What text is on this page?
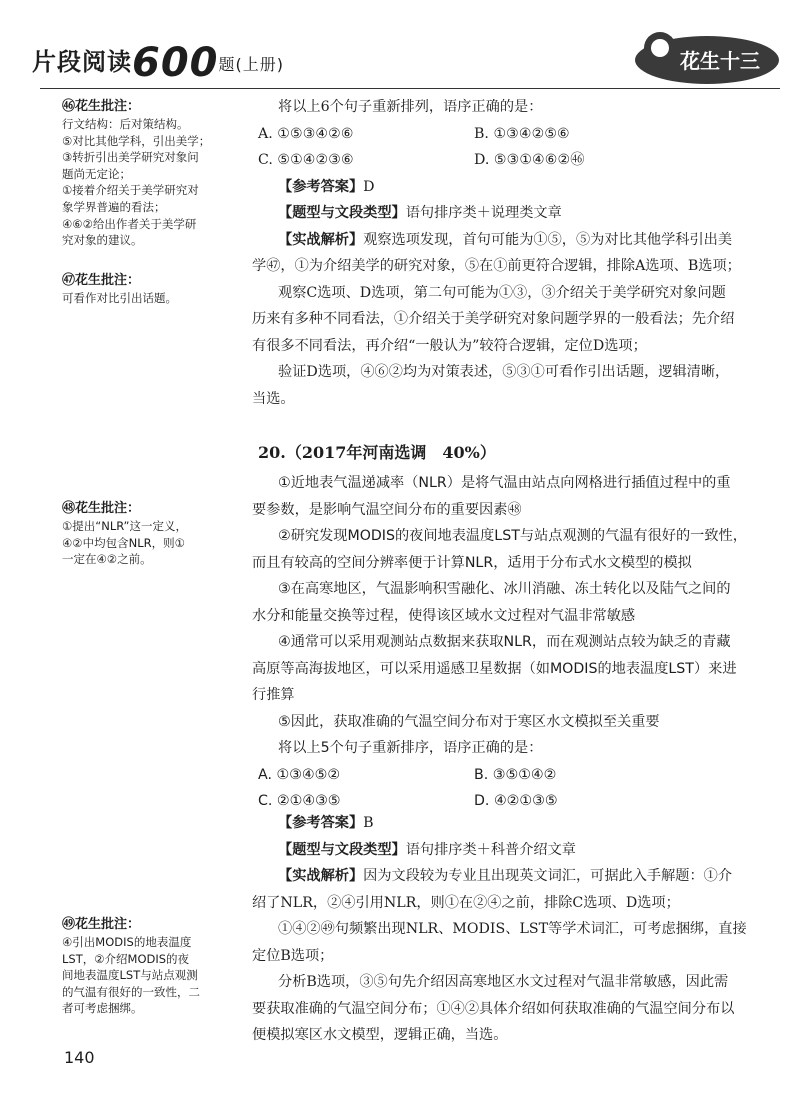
片段阅读600题(上册)	花生十三
㊻花生批注：
行文结构：后对策结构。
⑤对比其他学科，引出美学；
③转折引出美学研究对象问
题尚无定论；
①接着介绍关于美学研究对
象学界普遍的看法；
④⑥②给出作者关于美学研
究对象的建议。
㊼花生批注：
可看作对比引出话题。
㊽花生批注：
①提出“NLR”这一定义，
④②中均包含NLR，则①
一定在④②之前。
㊾花生批注：
④引出MODIS的地表温度
LST，②介绍MODIS的夜
间地表温度LST与站点观测
的气温有很好的一致性，二
者可考虑捆绑。
将以上6个句子重新排列，语序正确的是：
A. ①⑤③④②⑥	B. ①③④②⑤⑥
C. ⑤①④②③⑥	D. ⑤③①④⑥②㊻
【参考答案】D
【题型与文段类型】语句排序类＋说理类文章
【实战解析】观察选项发现，首句可能为①⑤，⑤为对比其他学科引出美
学㊼，①为介绍美学的研究对象，⑤在①前更符合逻辑，排除A选项、B选项；
观察C选项、D选项，第二句可能为①③，③介绍关于美学研究对象问题
历来有多种不同看法，①介绍关于美学研究对象问题学界的一般看法；先介绍
有很多不同看法，再介绍“一般认为”较符合逻辑，定位D选项；
验证D选项，④⑥②均为对策表述，⑤③①可看作引出话题，逻辑清晰，
当选。
20.（2017年河南选调　40%）
①近地表气温递减率（NLR）是将气温由站点向网格进行插值过程中的重
要参数，是影响气温空间分布的重要因素㊽
②研究发现MODIS的夜间地表温度LST与站点观测的气温有很好的一致性，
而且有较高的空间分辨率便于计算NLR，适用于分布式水文模型的模拟
③在高寒地区，气温影响积雪融化、冰川消融、冻土转化以及陆气之间的
水分和能量交换等过程，使得该区域水文过程对气温非常敏感
④通常可以采用观测站点数据来获取NLR，而在观测站点较为缺乏的青藏
高原等高海拔地区，可以采用遥感卫星数据（如MODIS的地表温度LST）来进
行推算
⑤因此，获取准确的气温空间分布对于寒区水文模拟至关重要
将以上5个句子重新排序，语序正确的是：
A. ①③④⑤②	B. ③⑤①④②
C. ②①④③⑤	D. ④②①③⑤
【参考答案】B
【题型与文段类型】语句排序类＋科普介绍文章
【实战解析】因为文段较为专业且出现英文词汇，可据此入手解题：①介
绍了NLR，②④引用NLR，则①在②④之前，排除C选项、D选项；
①④②㊾句频繁出现NLR、MODIS、LST等学术词汇，可考虑捆绑，直接
定位B选项；
分析B选项，③⑤句先介绍因高寒地区水文过程对气温非常敏感，因此需
要获取准确的气温空间分布；①④②具体介绍如何获取准确的气温空间分布以
便模拟寒区水文模型，逻辑正确，当选。
140
